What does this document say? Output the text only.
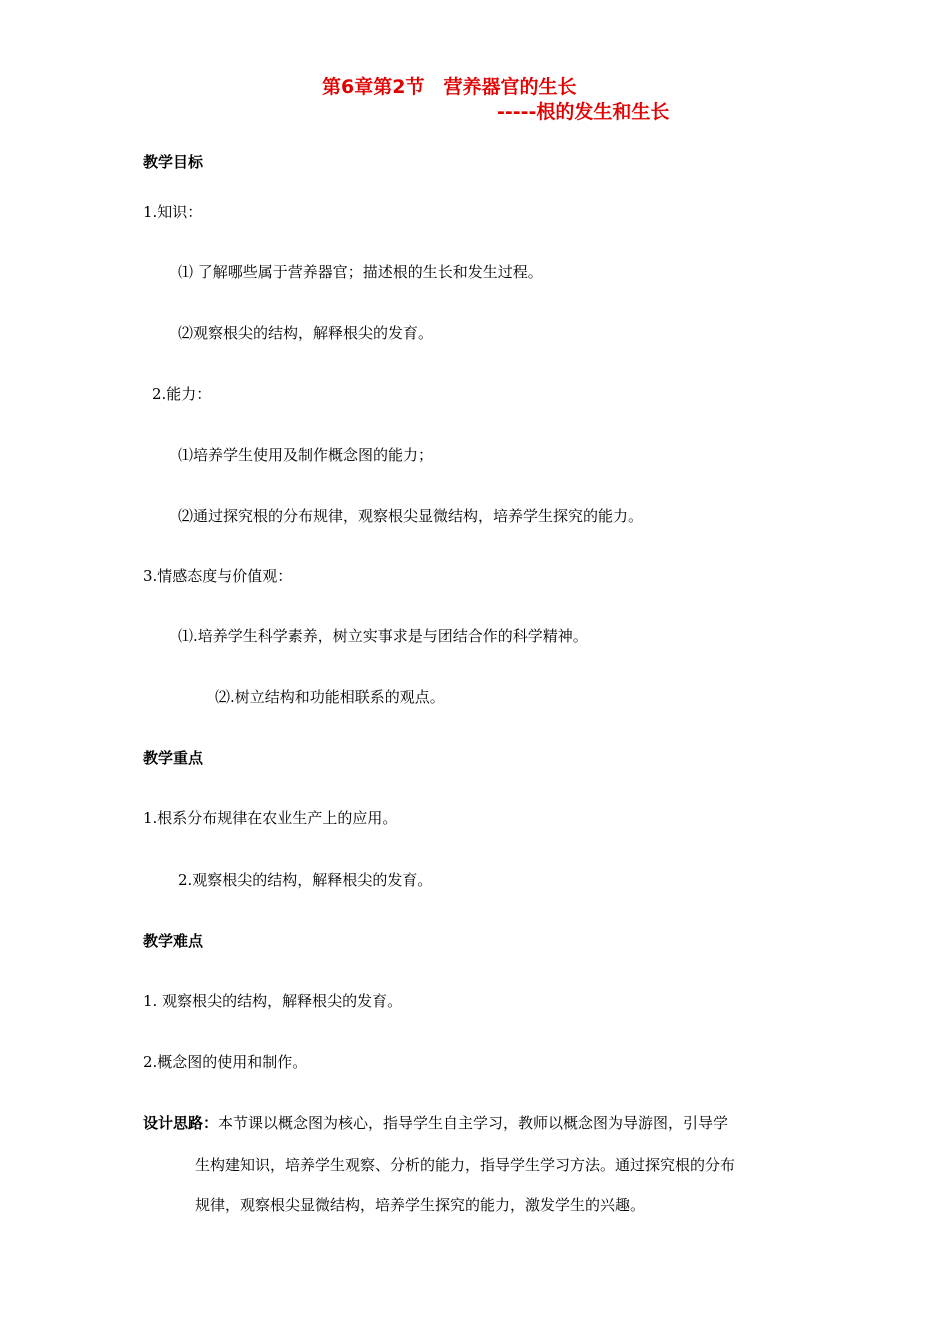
第6章第2节　营养器官的生长
-----根的发生和生长
教学目标
1.知识：
⑴ 了解哪些属于营养器官；描述根的生长和发生过程。
⑵观察根尖的结构，解释根尖的发育。
2.能力：
⑴培养学生使用及制作概念图的能力；
⑵通过探究根的分布规律，观察根尖显微结构，培养学生探究的能力。
3.情感态度与价值观：
⑴.培养学生科学素养，树立实事求是与团结合作的科学精神。
⑵.树立结构和功能相联系的观点。
教学重点
1.根系分布规律在农业生产上的应用。
2.观察根尖的结构，解释根尖的发育。
教学难点
1. 观察根尖的结构，解释根尖的发育。
2.概念图的使用和制作。
设计思路：本节课以概念图为核心，指导学生自主学习，教师以概念图为导游图，引导学
生构建知识，培养学生观察、分析的能力，指导学生学习方法。通过探究根的分布
规律，观察根尖显微结构，培养学生探究的能力，激发学生的兴趣。
